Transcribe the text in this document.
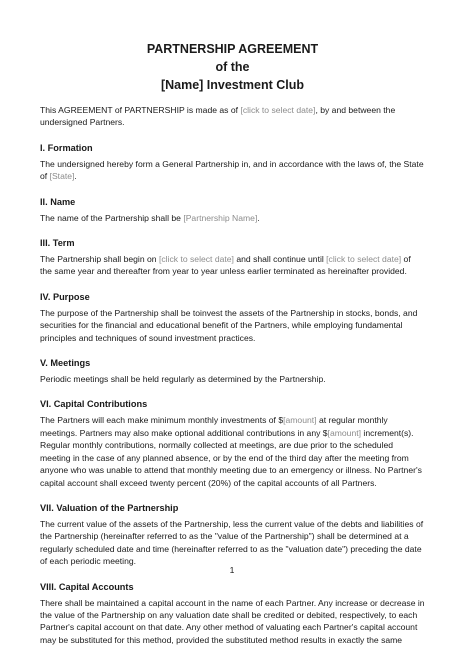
PARTNERSHIP AGREEMENT
of the
[Name] Investment Club

This AGREEMENT of PARTNERSHIP is made as of [click to select date], by and between the undersigned Partners.

I. Formation

The undersigned hereby form a General Partnership in, and in accordance with the laws of, the State of [State].

II. Name

The name of the Partnership shall be [Partnership Name].

III. Term

The Partnership shall begin on [click to select date] and shall continue until [click to select date] of the same year and thereafter from year to year unless earlier terminated as hereinafter provided.

IV. Purpose

The purpose of the Partnership shall be toinvest the assets of the Partnership in stocks, bonds, and securities for the financial and educational benefit of the Partners, while employing fundamental principles and techniques of sound investment practices.

V. Meetings

Periodic meetings shall be held regularly as determined by the Partnership.

VI. Capital Contributions

The Partners will each make minimum monthly investments of $[amount] at regular monthly meetings. Partners may also make optional additional contributions in any $[amount] increment(s). Regular monthly contributions, normally collected at meetings, are due prior to the scheduled meeting in the case of any planned absence, or by the end of the third day after the meeting from anyone who was unable to attend that monthly meeting due to an emergency or illness. No Partner's capital account shall exceed twenty percent (20%) of the capital accounts of all Partners.

VII. Valuation of the Partnership

The current value of the assets of the Partnership, less the current value of the debts and liabilities of the Partnership (hereinafter referred to as the "value of the Partnership") shall be determined at a regularly scheduled date and time (hereinafter referred to as the "valuation date") preceding the date of each periodic meeting.

VIII. Capital Accounts

There shall be maintained a capital account in the name of each Partner. Any increase or decrease in the value of the Partnership on any valuation date shall be credited or debited, respectively, to each Partner's capital account on that date. Any other method of valuating each Partner's capital account may be substituted for this method, provided the substituted method results in exactly the same

1
